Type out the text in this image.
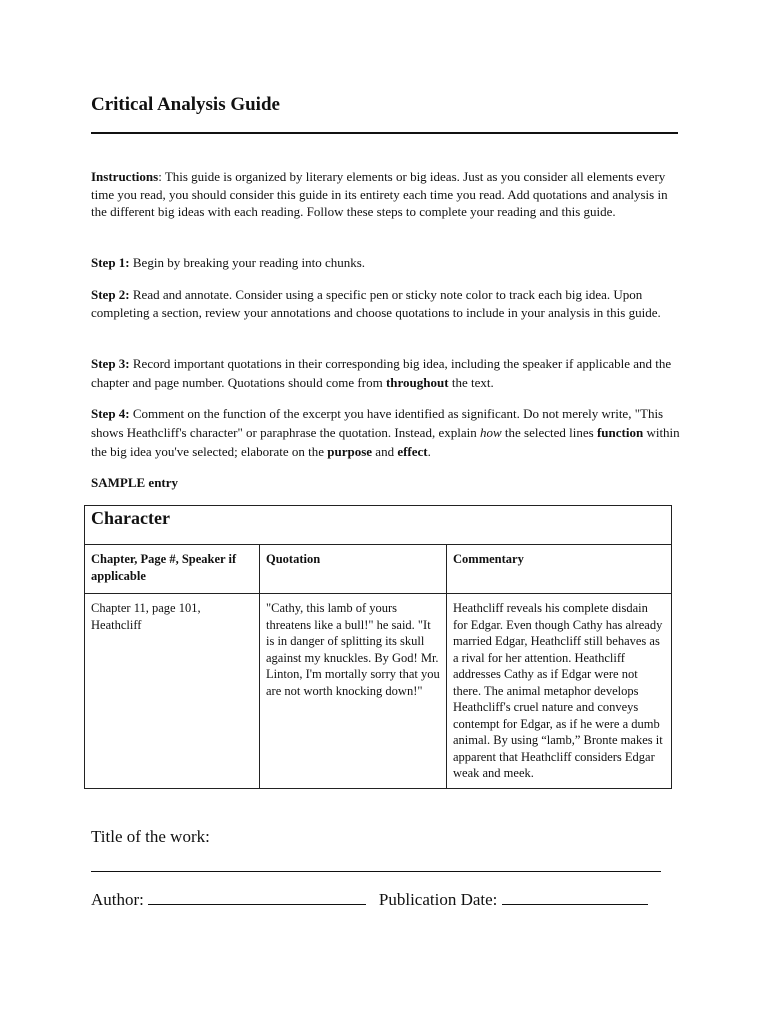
Critical Analysis Guide

Instructions: This guide is organized by literary elements or big ideas. Just as you consider all elements every time you read, you should consider this guide in its entirety each time you read. Add quotations and analysis in the different big ideas with each reading. Follow these steps to complete your reading and this guide.

Step 1: Begin by breaking your reading into chunks.

Step 2: Read and annotate. Consider using a specific pen or sticky note color to track each big idea. Upon completing a section, review your annotations and choose quotations to include in your analysis in this guide.

Step 3: Record important quotations in their corresponding big idea, including the speaker if applicable and the chapter and page number. Quotations should come from throughout the text.

Step 4: Comment on the function of the excerpt you have identified as significant. Do not merely write, "This shows Heathcliff's character" or paraphrase the quotation. Instead, explain how the selected lines function within the big idea you've selected; elaborate on the purpose and effect.

SAMPLE entry

Character		
Chapter, Page #, Speaker if applicable	Quotation	Commentary
Chapter 11, page 101, Heathcliff	"Cathy, this lamb of yours threatens like a bull!" he said. "It is in danger of splitting its skull against my knuckles. By God! Mr. Linton, I'm mortally sorry that you are not worth knocking down!"	Heathcliff reveals his complete disdain for Edgar. Even though Cathy has already married Edgar, Heathcliff still behaves as a rival for her attention. Heathcliff addresses Cathy as if Edgar were not there. The animal metaphor develops Heathcliff's cruel nature and conveys contempt for Edgar, as if he were a dumb animal. By using “lamb,” Bronte makes it apparent that Heathcliff considers Edgar weak and meek.

Title of the work:

Author:	Publication Date:
